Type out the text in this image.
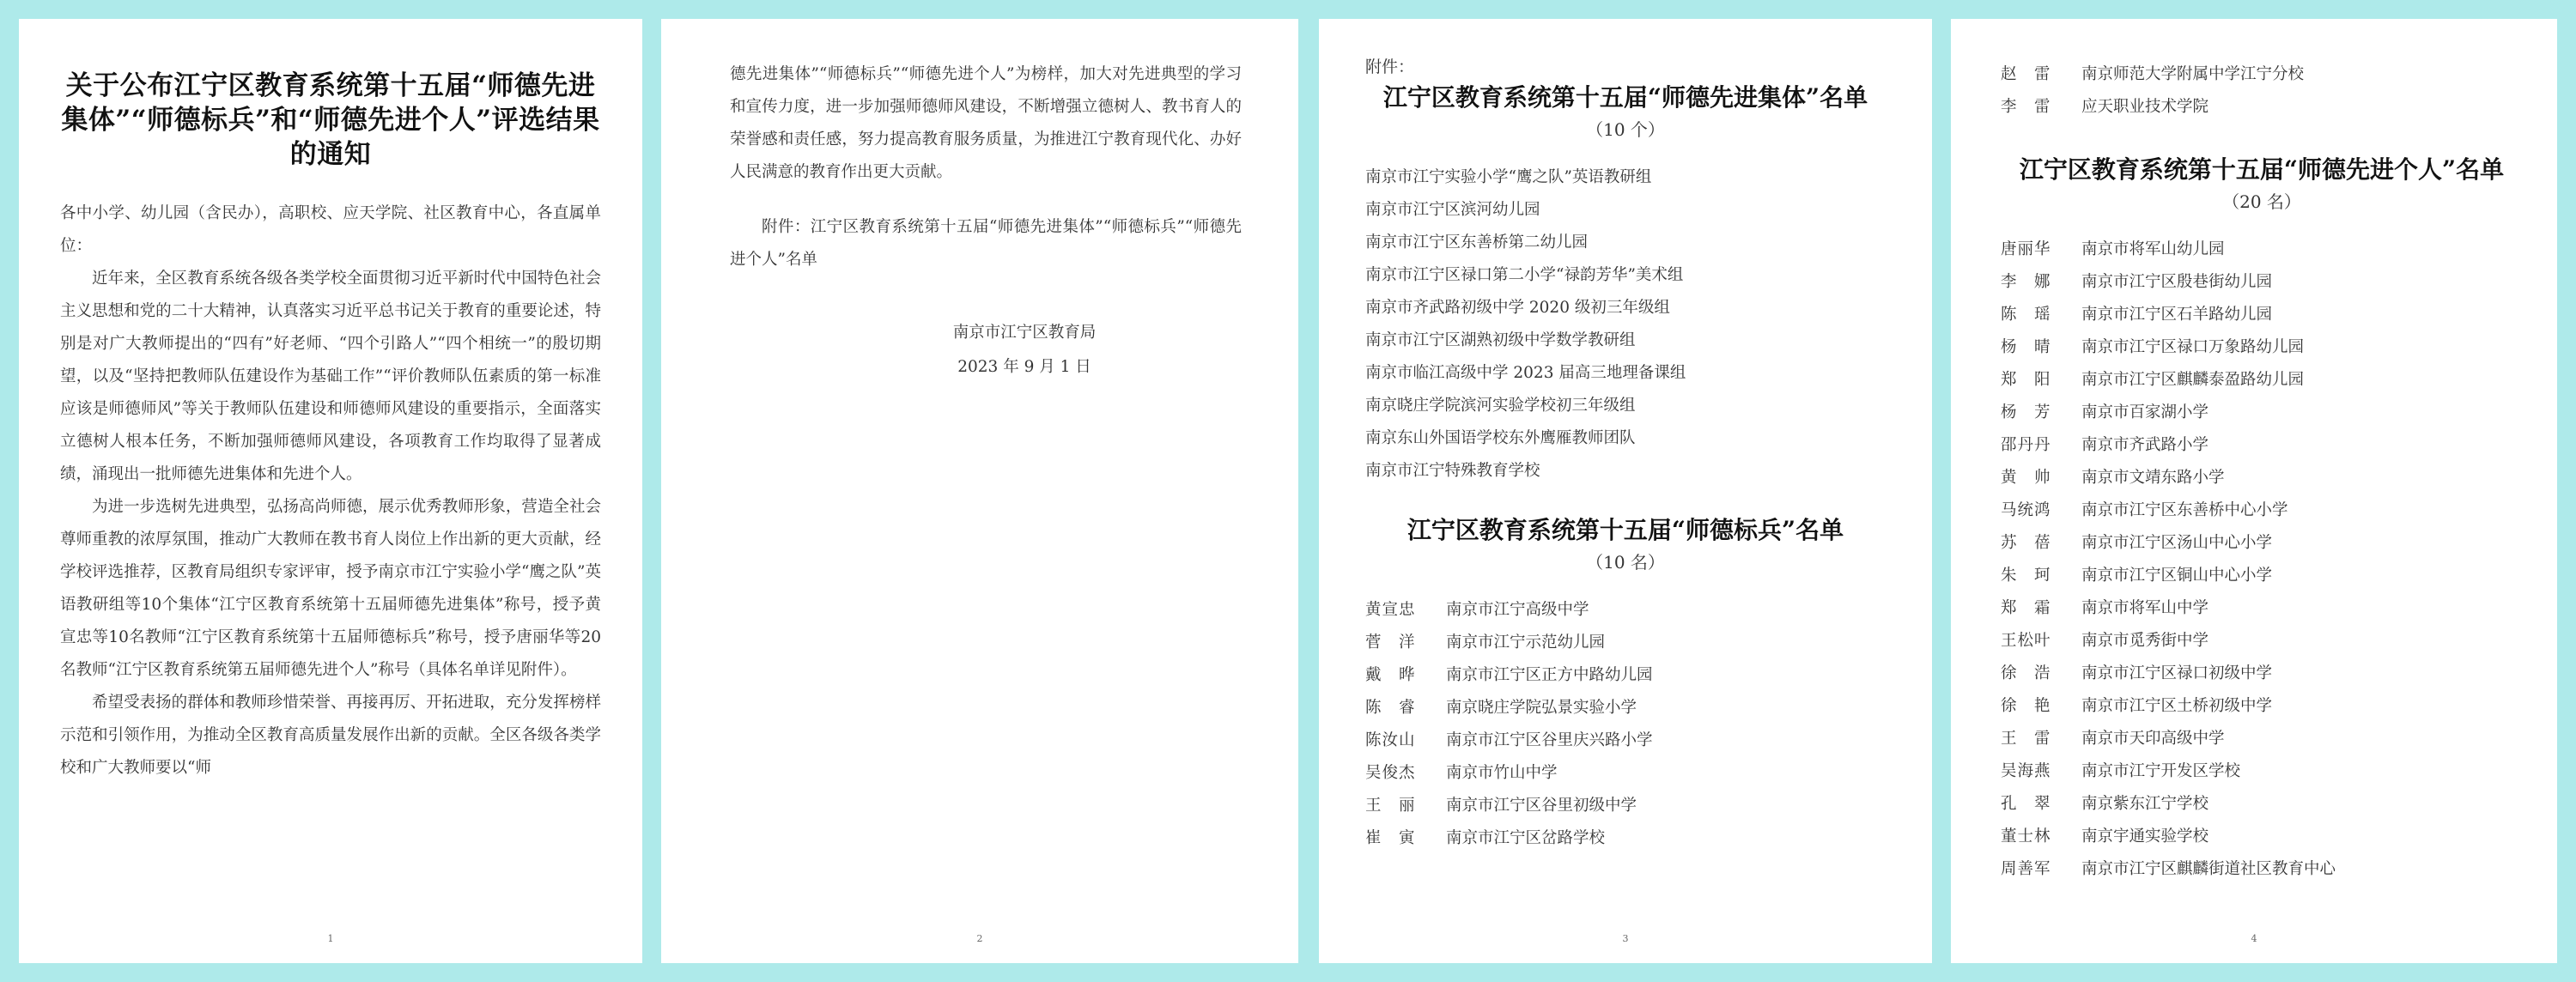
关于公布江宁区教育系统第十五届“师德先进集体”“师德标兵”和“师德先进个人”评选结果的通知

各中小学、幼儿园（含民办），高职校、应天学院、社区教育中心，各直属单位：

近年来，全区教育系统各级各类学校全面贯彻习近平新时代中国特色社会主义思想和党的二十大精神，认真落实习近平总书记关于教育的重要论述，特别是对广大教师提出的“四有”好老师、“四个引路人”“四个相统一”的殷切期望，以及“坚持把教师队伍建设作为基础工作”“评价教师队伍素质的第一标准应该是师德师风”等关于教师队伍建设和师德师风建设的重要指示，全面落实立德树人根本任务，不断加强师德师风建设，各项教育工作均取得了显著成绩，涌现出一批师德先进集体和先进个人。

为进一步选树先进典型，弘扬高尚师德，展示优秀教师形象，营造全社会尊师重教的浓厚氛围，推动广大教师在教书育人岗位上作出新的更大贡献，经学校评选推荐，区教育局组织专家评审，授予南京市江宁实验小学“鹰之队”英语教研组等10个集体“江宁区教育系统第十五届师德先进集体”称号，授予黄宣忠等10名教师“江宁区教育系统第十五届师德标兵”称号，授予唐丽华等20名教师“江宁区教育系统第五届师德先进个人”称号（具体名单详见附件）。

希望受表扬的群体和教师珍惜荣誉、再接再厉、开拓进取，充分发挥榜样示范和引领作用，为推动全区教育高质量发展作出新的贡献。全区各级各类学校和广大教师要以“师

1

德先进集体”“师德标兵”“师德先进个人”为榜样，加大对先进典型的学习和宣传力度，进一步加强师德师风建设，不断增强立德树人、教书育人的荣誉感和责任感，努力提高教育服务质量，为推进江宁教育现代化、办好人民满意的教育作出更大贡献。

附件：江宁区教育系统第十五届“师德先进集体”“师德标兵”“师德先进个人”名单

南京市江宁区教育局
2023 年 9 月 1 日
2
附件：
江宁区教育系统第十五届“师德先进集体”名单
（10 个）
南京市江宁实验小学“鹰之队”英语教研组
南京市江宁区滨河幼儿园
南京市江宁区东善桥第二幼儿园
南京市江宁区禄口第二小学“禄韵芳华”美术组
南京市齐武路初级中学 2020 级初三年级组
南京市江宁区湖熟初级中学数学教研组
南京市临江高级中学 2023 届高三地理备课组
南京晓庄学院滨河实验学校初三年级组
南京东山外国语学校东外鹰雁教师团队
南京市江宁特殊教育学校
江宁区教育系统第十五届“师德标兵”名单
（10 名）
黄宣忠 南京市江宁高级中学
菅　洋 南京市江宁示范幼儿园
戴　晔 南京市江宁区正方中路幼儿园
陈　睿 南京晓庄学院弘景实验小学
陈汝山 南京市江宁区谷里庆兴路小学
吴俊杰 南京市竹山中学
王　丽 南京市江宁区谷里初级中学
崔　寅 南京市江宁区岔路学校
3
赵　雷 南京师范大学附属中学江宁分校
李　雷 应天职业技术学院
江宁区教育系统第十五届“师德先进个人”名单
（20 名）
唐丽华 南京市将军山幼儿园
李　娜 南京市江宁区殷巷街幼儿园
陈　瑶 南京市江宁区石羊路幼儿园
杨　晴 南京市江宁区禄口万象路幼儿园
郑　阳 南京市江宁区麒麟泰盈路幼儿园
杨　芳 南京市百家湖小学
邵丹丹 南京市齐武路小学
黄　帅 南京市文靖东路小学
马统鸿 南京市江宁区东善桥中心小学
苏　蓓 南京市江宁区汤山中心小学
朱　珂 南京市江宁区铜山中心小学
郑　霜 南京市将军山中学
王松叶 南京市觅秀街中学
徐　浩 南京市江宁区禄口初级中学
徐　艳 南京市江宁区土桥初级中学
王　雷 南京市天印高级中学
吴海燕 南京市江宁开发区学校
孔　翠 南京紫东江宁学校
董士林 南京宇通实验学校
周善军 南京市江宁区麒麟街道社区教育中心
4
